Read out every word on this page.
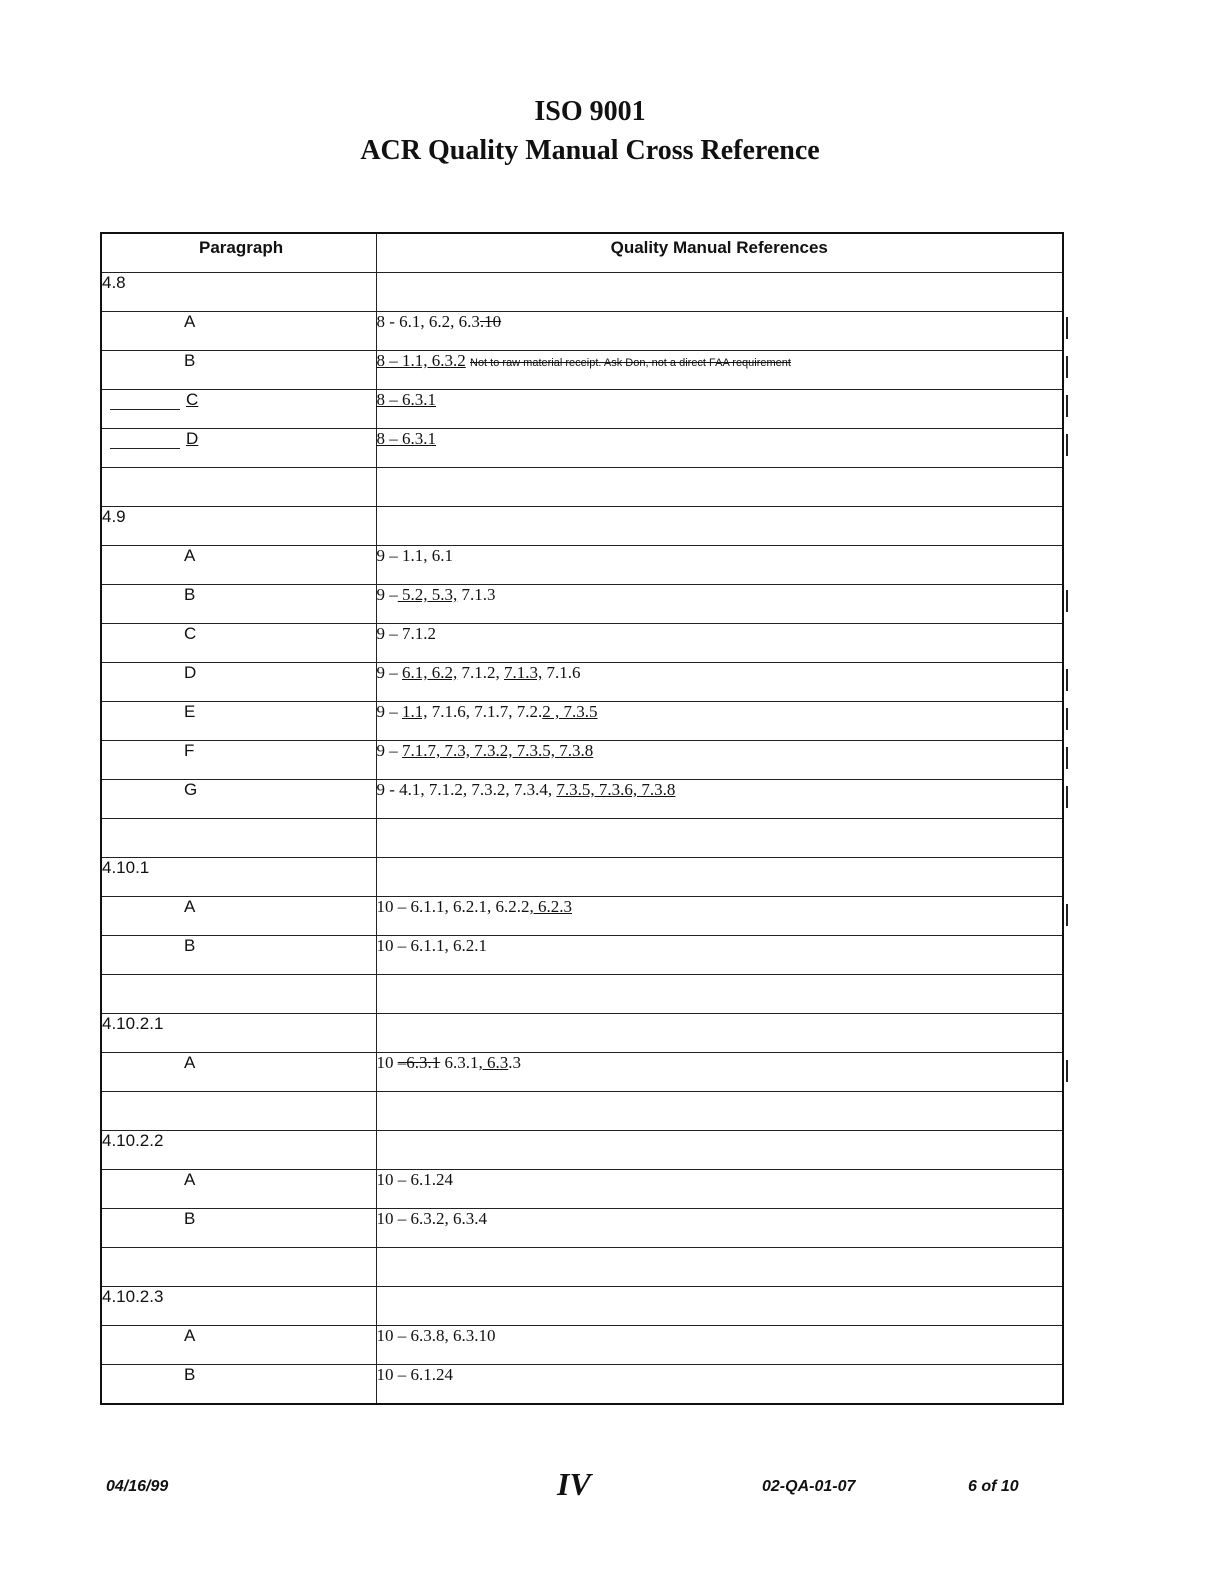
ISO 9001
ACR Quality Manual Cross Reference
Paragraph	Quality Manual References
4.8	
A	8 - 6.1, 6.2, 6.3.10
B	8 – 1.1, 6.3.2 Not to raw material receipt. Ask Don, not a direct FAA requirement
C	8 – 6.3.1
D	8 – 6.3.1

4.9	
A	9 – 1.1, 6.1
B	9 – 5.2, 5.3, 7.1.3
C	9 – 7.1.2
D	9 – 6.1, 6.2, 7.1.2, 7.1.3, 7.1.6
E	9 – 1.1, 7.1.6, 7.1.7, 7.2.2 , 7.3.5
F	9 – 7.1.7, 7.3, 7.3.2, 7.3.5, 7.3.8
G	9 - 4.1, 7.1.2, 7.3.2, 7.3.4, 7.3.5, 7.3.6, 7.3.8

4.10.1	
A	10 – 6.1.1, 6.2.1, 6.2.2, 6.2.3
B	10 – 6.1.1, 6.2.1

4.10.2.1	
A	10 –6.3.1 6.3.1, 6.3.3

4.10.2.2	
A	10 – 6.1.24
B	10 – 6.3.2, 6.3.4

4.10.2.3	
A	10 – 6.3.8, 6.3.10
B	10 – 6.1.24
04/16/99	IV	02-QA-01-07	6 of 10
